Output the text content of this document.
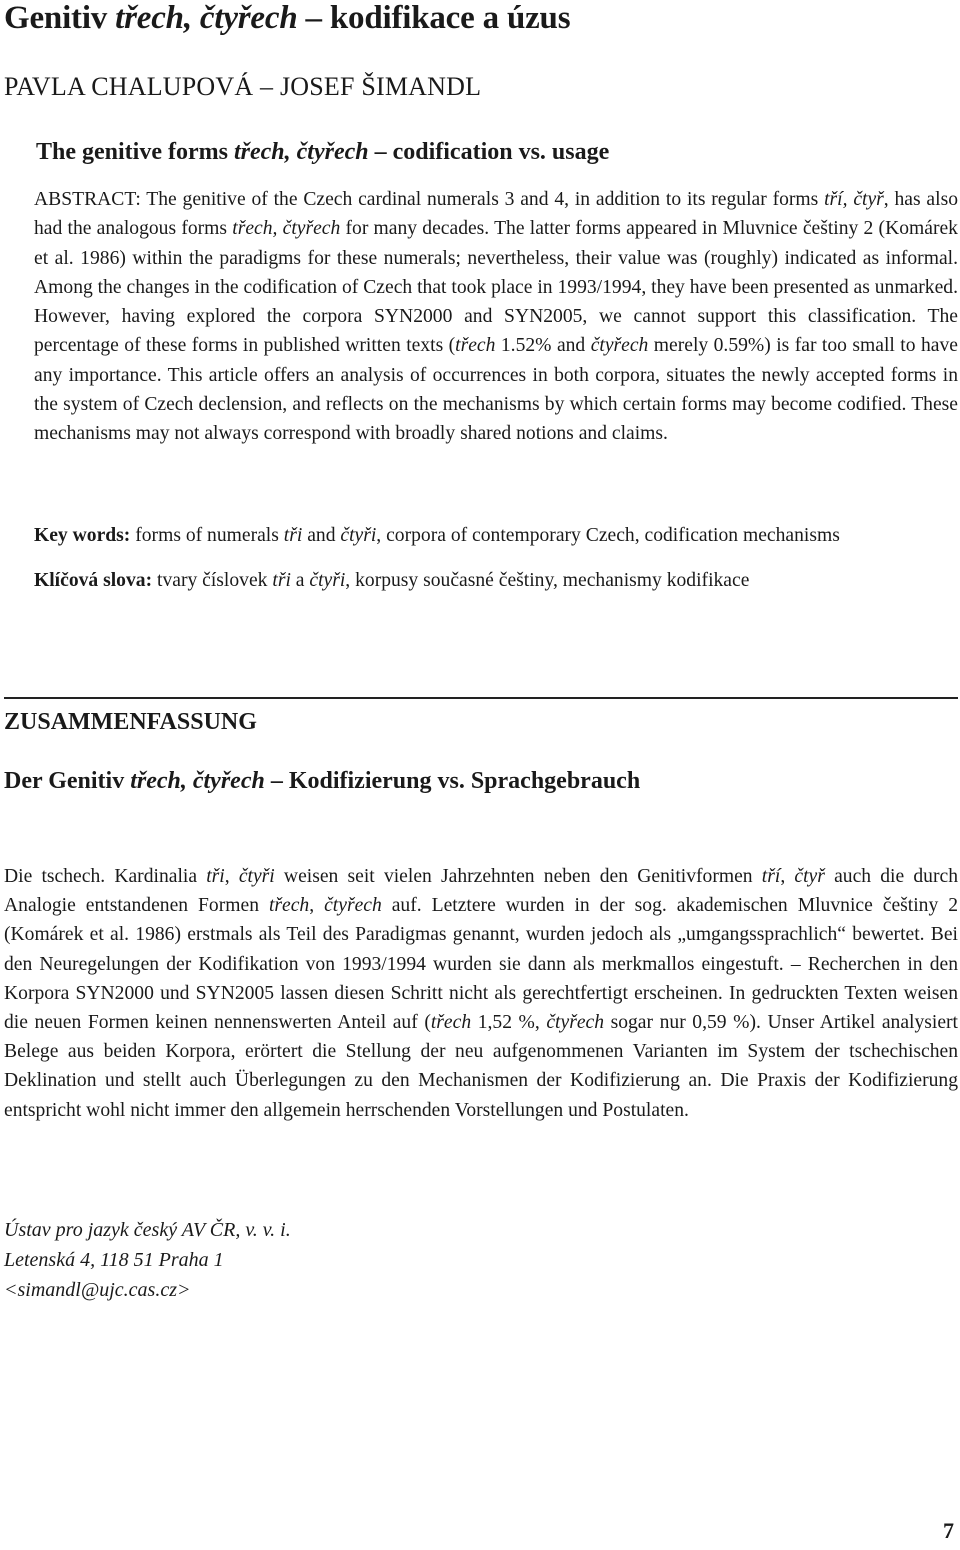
Genitiv třech, čtyřech – kodifikace a úzus
PAVLA CHALUPOVÁ – JOSEF ŠIMANDL
The genitive forms třech, čtyřech – codification vs. usage

ABSTRACT: The genitive of the Czech cardinal numerals 3 and 4, in addition to its regular forms tří, čtyř, has also had the analogous forms třech, čtyřech for many decades. The latter forms appeared in Mluvnice češtiny 2 (Komárek et al. 1986) within the paradigms for these numerals; nevertheless, their value was (roughly) indicated as informal. Among the changes in the codification of Czech that took place in 1993/1994, they have been presented as unmarked. However, having explored the corpora SYN2000 and SYN2005, we cannot support this classification. The percentage of these forms in published written texts (třech 1.52% and čtyřech merely 0.59%) is far too small to have any importance. This article offers an analysis of occurrences in both corpora, situates the newly accepted forms in the system of Czech declension, and reflects on the mechanisms by which certain forms may become codified. These mechanisms may not always correspond with broadly shared notions and claims.

Key words: forms of numerals tři and čtyři, corpora of contemporary Czech, codification mechanisms
Klíčová slova: tvary číslovek tři a čtyři, korpusy současné češtiny, mechanismy kodifikace
ZUSAMMENFASSUNG
Der Genitiv třech, čtyřech – Kodifizierung vs. Sprachgebrauch

Die tschech. Kardinalia tři, čtyři weisen seit vielen Jahrzehnten neben den Genitivformen tří, čtyř auch die durch Analogie entstandenen Formen třech, čtyřech auf. Letztere wurden in der sog. akademischen Mluvnice češtiny 2 (Komárek et al. 1986) erstmals als Teil des Paradigmas genannt, wurden jedoch als „umgangssprachlich“ bewertet. Bei den Neuregelungen der Kodifikation von 1993/1994 wurden sie dann als merkmallos eingestuft. – Recherchen in den Korpora SYN2000 und SYN2005 lassen diesen Schritt nicht als gerechtfertigt erscheinen. In gedruckten Texten weisen die neuen Formen keinen nennenswerten Anteil auf (třech 1,52 %, čtyřech sogar nur 0,59 %). Unser Artikel analysiert Belege aus beiden Korpora, erörtert die Stellung der neu aufgenommenen Varianten im System der tschechischen Deklination und stellt auch Überlegungen zu den Mechanismen der Kodifizierung an. Die Praxis der Kodifizierung entspricht wohl nicht immer den allgemein herrschenden Vorstellungen und Postulaten.

Ústav pro jazyk český AV ČR, v. v. i.
Letenská 4, 118 51 Praha 1
<simandl@ujc.cas.cz>
7
